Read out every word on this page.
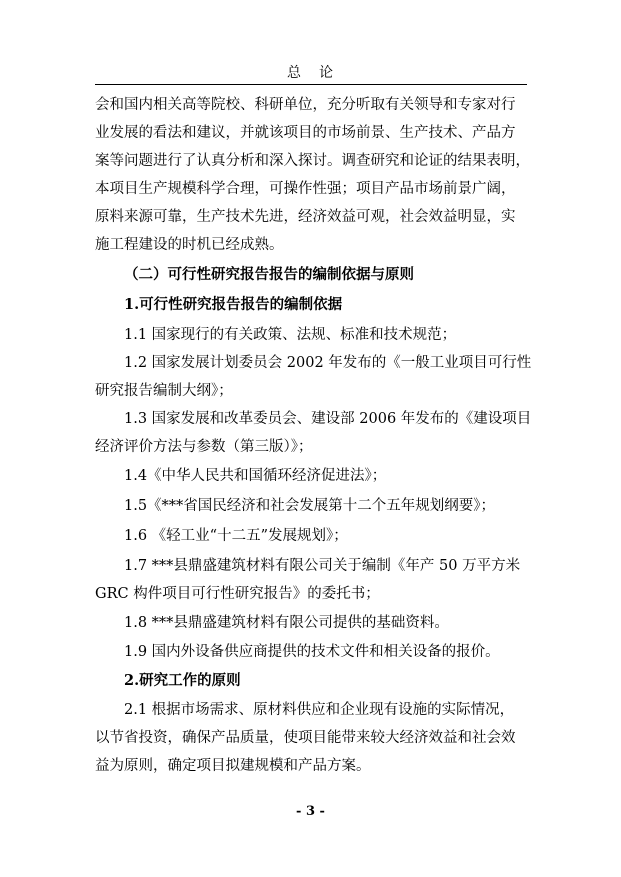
总　论
会和国内相关高等院校、科研单位，充分听取有关领导和专家对行
业发展的看法和建议，并就该项目的市场前景、生产技术、产品方
案等问题进行了认真分析和深入探讨。调查研究和论证的结果表明，
本项目生产规模科学合理，可操作性强；项目产品市场前景广阔，
原料来源可靠，生产技术先进，经济效益可观，社会效益明显，实
施工程建设的时机已经成熟。
（二）可行性研究报告报告的编制依据与原则
1.可行性研究报告报告的编制依据
1.1 国家现行的有关政策、法规、标准和技术规范；
1.2 国家发展计划委员会 2002 年发布的《一般工业项目可行性
研究报告编制大纲》；
1.3 国家发展和改革委员会、建设部 2006 年发布的《建设项目
经济评价方法与参数（第三版）》；
1.4《中华人民共和国循环经济促进法》；
1.5《***省国民经济和社会发展第十二个五年规划纲要》；
1.6 《轻工业“十二五”发展规划》；
1.7 ***县鼎盛建筑材料有限公司关于编制《年产 50 万平方米
GRC 构件项目可行性研究报告》的委托书；
1.8 ***县鼎盛建筑材料有限公司提供的基础资料。
1.9 国内外设备供应商提供的技术文件和相关设备的报价。
2.研究工作的原则
2.1 根据市场需求、原材料供应和企业现有设施的实际情况，
以节省投资，确保产品质量，使项目能带来较大经济效益和社会效
益为原则，确定项目拟建规模和产品方案。
- 3 -
